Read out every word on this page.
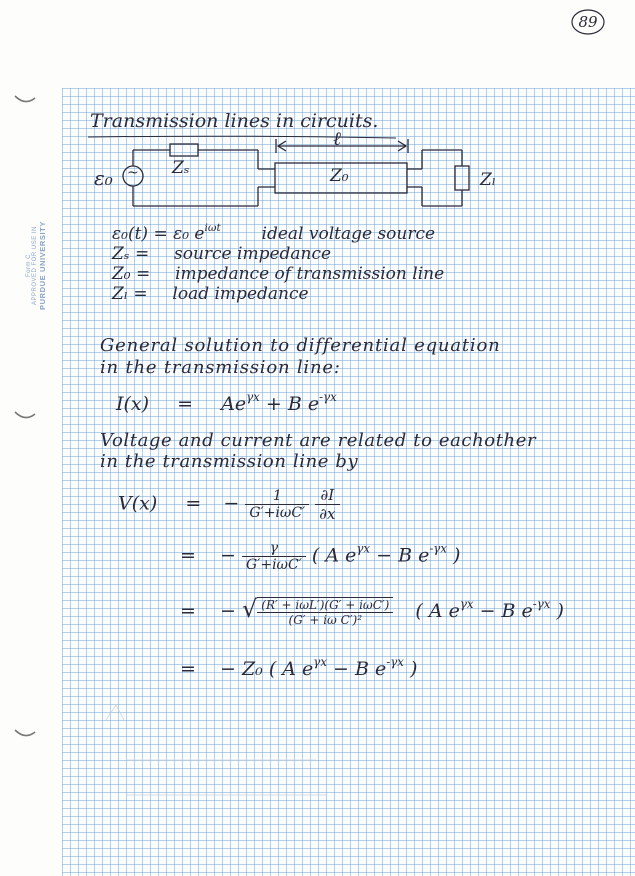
Form C APPROVED FOR USE IN PURDUE UNIVERSITY
89
Transmission lines in circuits.
ε₀ ~ Zₛ
ℓ
Z₀	Zₗ
ε₀(t) = ε₀ $e^{i\omega t}$ ideal voltage source
Zₛ = source impedance
Z₀ = impedance of transmission line
Zₗ = load impedance
General solution to differential equation
in the transmission line:
$I(x) = Ae^{\gamma x} + B$ $e^{-\gamma x}$
Voltage and current are related to eachother
in the transmission line by
V(x) = − $\frac{1}{\text{G′+iωC′}}$
$\frac{\partial I}{\partial x}$
= − $\frac{\gamma}{\text{G′+iωC′}}$ ( A $e^{\gamma x} - B$ $e^{-\gamma x}$ )
= − √ $\frac{\text{(R′ + iωL′)(G′ + iωC′)}}{\text{(G′ + iω C′)²}}$ ( A $e^{\gamma x} - B$ $e^{-\gamma x}$ )
= − Z₀ ( A $e^{\gamma x} - B$ $e^{-\gamma x}$ )
